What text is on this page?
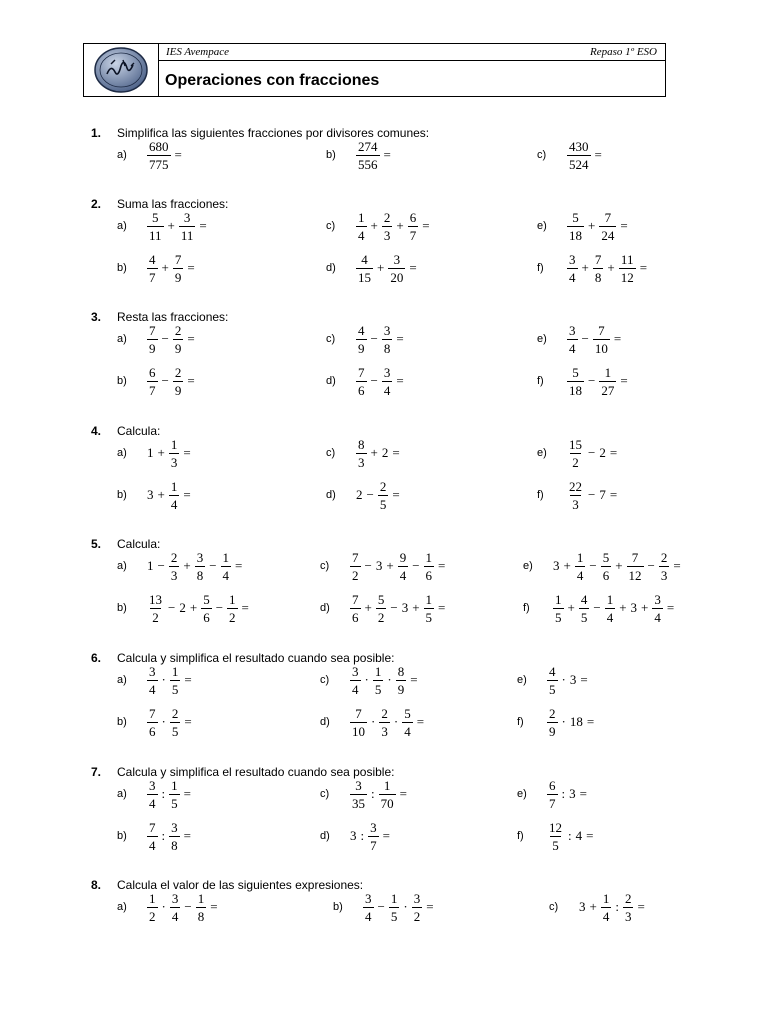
IES Avempace	Repaso 1º ESO
Operaciones con fracciones
1. Simplifica las siguientes fracciones por divisores comunes:
a)	$\frac{680}{775}$ =	b)	$\frac{274}{556}$ =	c)	$\frac{430}{524}$ =
2. Suma las fracciones:
a)	$\frac{5}{11} + \frac{3}{11}$ =	c)	$\frac{1}{4} + \frac{2}{3} + \frac{6}{7}$ =	e)	$\frac{5}{18} + \frac{7}{24}$ =
b)	$\frac{4}{7} + \frac{7}{9}$ =	d)	$\frac{4}{15} + \frac{3}{20}$ =	f)	$\frac{3}{4} + \frac{7}{8} + \frac{11}{12}$ =
3. Resta las fracciones:
a)	$\frac{7}{9} - \frac{2}{9}$ =	c)	$\frac{4}{9} - \frac{3}{8}$ =	e)	$\frac{3}{4} - \frac{7}{10}$ =
b)	$\frac{6}{7} - \frac{2}{9}$ =	d)	$\frac{7}{6} - \frac{3}{4}$ =	f)	$\frac{5}{18} - \frac{1}{27}$ =
4. Calcula:
a)	$1 + \frac{1}{3}$ =	c)	$\frac{8}{3} + 2$ =	e)	$\frac{15}{2} - 2$ =
b)	$3 + \frac{1}{4}$ =	d)	$2 - \frac{2}{5}$ =	f)	$\frac{22}{3} - 7$ =
5. Calcula:
a)	$1 - \frac{2}{3} + \frac{3}{8} - \frac{1}{4}$ =	c)	$\frac{7}{2} - 3 + \frac{9}{4} - \frac{1}{6}$ =	e)	$3 + \frac{1}{4} - \frac{5}{6} + \frac{7}{12} - \frac{2}{3}$ =
b)	$\frac{13}{2} - 2 + \frac{5}{6} - \frac{1}{2}$ =	d)	$\frac{7}{6} + \frac{5}{2} - 3 + \frac{1}{5}$ =	f)	$\frac{1}{5} + \frac{4}{5} - \frac{1}{4} + 3 + \frac{3}{4}$ =
6. Calcula y simplifica el resultado cuando sea posible:
a)	$\frac{3}{4} \cdot \frac{1}{5}$ =	c)	$\frac{3}{4} \cdot \frac{1}{5} \cdot \frac{8}{9}$ =	e)	$\frac{4}{5} \cdot 3$ =
b)	$\frac{7}{6} \cdot \frac{2}{5}$ =	d)	$\frac{7}{10} \cdot \frac{2}{3} \cdot \frac{5}{4}$ =	f)	$\frac{2}{9} \cdot 18$ =
7. Calcula y simplifica el resultado cuando sea posible:
a)	$\frac{3}{4}$ : $\frac{1}{5}$ =	c)	$\frac{3}{35}$ : $\frac{1}{70}$ =	e)	$\frac{6}{7}$ : 3 =
b)	$\frac{7}{4}$ : $\frac{3}{8}$ =	d)	3 : $\frac{3}{7}$ =	f)	$\frac{12}{5}$ : 4 =
8. Calcula el valor de las siguientes expresiones:
a)	$\frac{1}{2} \cdot \frac{3}{4} - \frac{1}{8}$ =	b)	$\frac{3}{4} - \frac{1}{5} \cdot \frac{3}{2}$ =	c)	$3 + \frac{1}{4}$ : $\frac{2}{3}$ =
